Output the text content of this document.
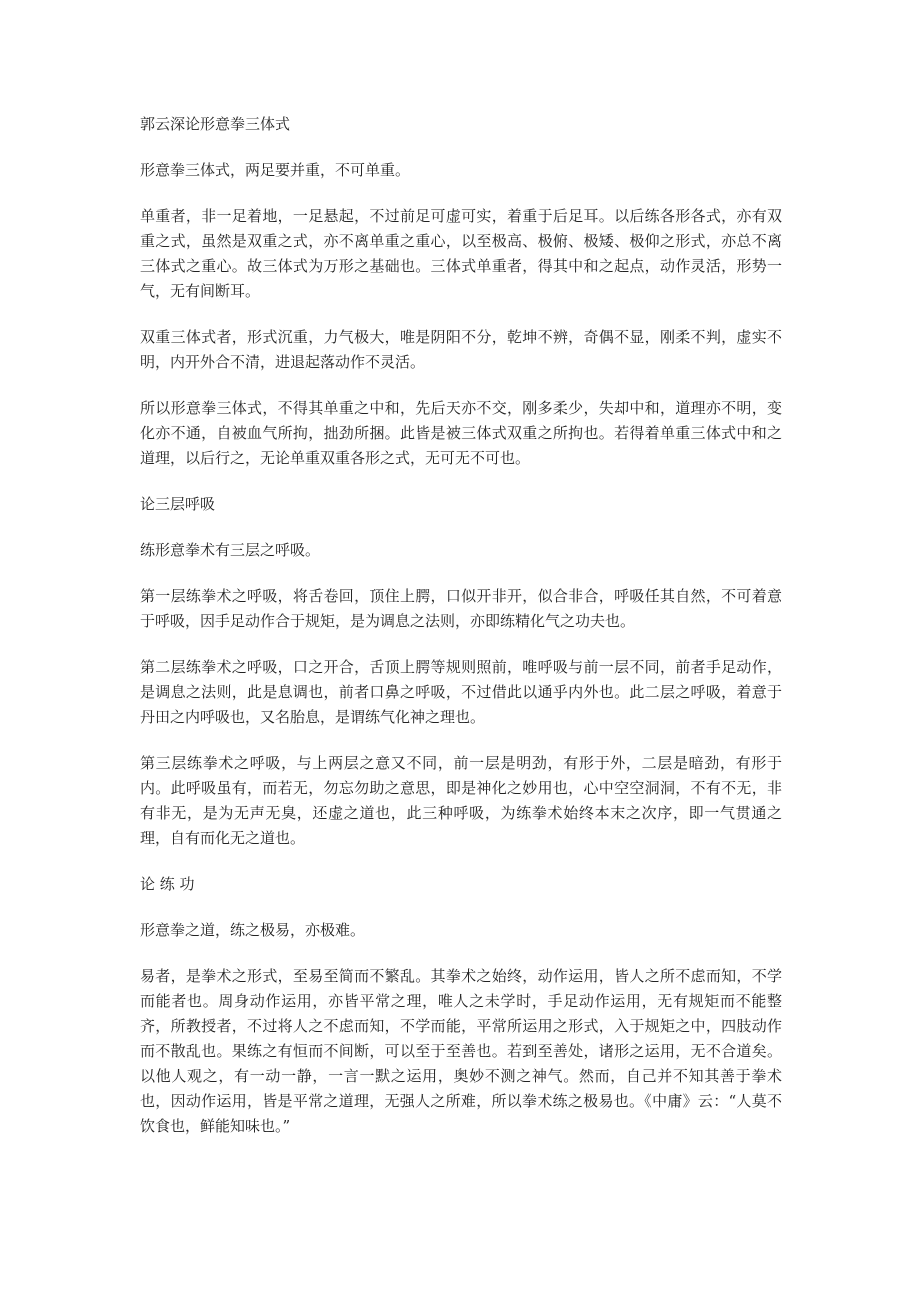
郭云深论形意拳三体式
形意拳三体式，两足要并重，不可单重。
单重者，非一足着地，一足悬起，不过前足可虚可实，着重于后足耳。以后练各形各式，亦有双重之式，虽然是双重之式，亦不离单重之重心，以至极高、极俯、极矮、极仰之形式，亦总不离三体式之重心。故三体式为万形之基础也。三体式单重者，得其中和之起点，动作灵活，形势一气，无有间断耳。
双重三体式者，形式沉重，力气极大，唯是阴阳不分，乾坤不辨，奇偶不显，刚柔不判，虚实不明，内开外合不清，进退起落动作不灵活。
所以形意拳三体式，不得其单重之中和，先后天亦不交，刚多柔少，失却中和，道理亦不明，变化亦不通，自被血气所拘，拙劲所捆。此皆是被三体式双重之所拘也。若得着单重三体式中和之道理，以后行之，无论单重双重各形之式，无可无不可也。
论三层呼吸
练形意拳术有三层之呼吸。
第一层练拳术之呼吸，将舌卷回，顶住上腭，口似开非开，似合非合，呼吸任其自然，不可着意于呼吸，因手足动作合于规矩，是为调息之法则，亦即练精化气之功夫也。
第二层练拳术之呼吸，口之开合，舌顶上腭等规则照前，唯呼吸与前一层不同，前者手足动作，是调息之法则，此是息调也，前者口鼻之呼吸，不过借此以通乎内外也。此二层之呼吸，着意于丹田之内呼吸也，又名胎息，是谓练气化神之理也。
第三层练拳术之呼吸，与上两层之意又不同，前一层是明劲，有形于外，二层是暗劲，有形于内。此呼吸虽有，而若无，勿忘勿助之意思，即是神化之妙用也，心中空空洞洞，不有不无，非有非无，是为无声无臭，还虚之道也，此三种呼吸，为练拳术始终本末之次序，即一气贯通之理，自有而化无之道也。
论 练 功
形意拳之道，练之极易，亦极难。
易者，是拳术之形式，至易至简而不繁乱。其拳术之始终，动作运用，皆人之所不虑而知，不学而能者也。周身动作运用，亦皆平常之理，唯人之未学时，手足动作运用，无有规矩而不能整齐，所教授者，不过将人之不虑而知，不学而能，平常所运用之形式，入于规矩之中，四肢动作而不散乱也。果练之有恒而不间断，可以至于至善也。若到至善处，诸形之运用，无不合道矣。以他人观之，有一动一静，一言一默之运用，奥妙不测之神气。然而，自己并不知其善于拳术也，因动作运用，皆是平常之道理，无强人之所难，所以拳术练之极易也。《中庸》云：“人莫不饮食也，鲜能知味也。”
